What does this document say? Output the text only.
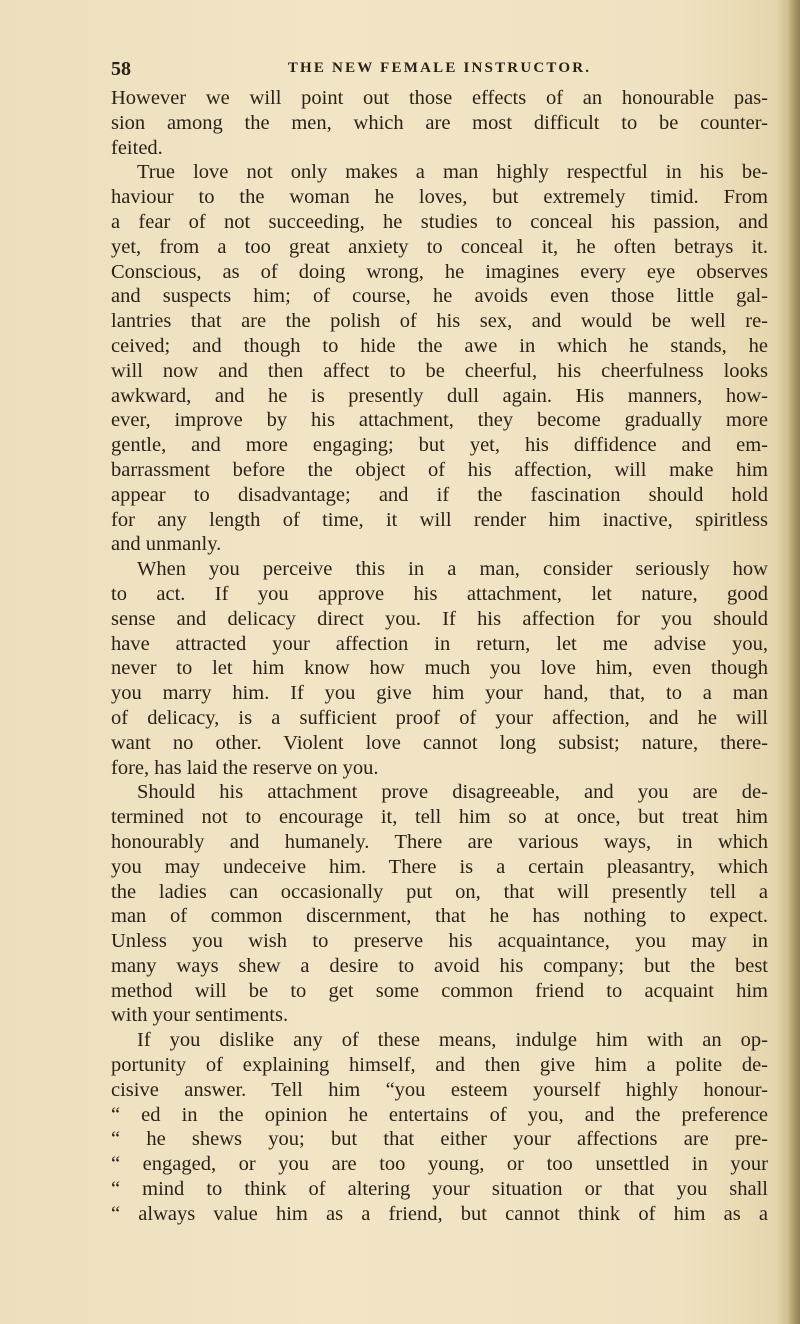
58	THE NEW FEMALE INSTRUCTOR.
However we will point out those effects of an honourable pas-
sion among the men, which are most difficult to be counter-
feited.
True love not only makes a man highly respectful in his be-
haviour to the woman he loves, but extremely timid. From
a fear of not succeeding, he studies to conceal his passion, and
yet, from a too great anxiety to conceal it, he often betrays it.
Conscious, as of doing wrong, he imagines every eye observes
and suspects him; of course, he avoids even those little gal-
lantries that are the polish of his sex, and would be well re-
ceived; and though to hide the awe in which he stands, he
will now and then affect to be cheerful, his cheerfulness looks
awkward, and he is presently dull again. His manners, how-
ever, improve by his attachment, they become gradually more
gentle, and more engaging; but yet, his diffidence and em-
barrassment before the object of his affection, will make him
appear to disadvantage; and if the fascination should hold
for any length of time, it will render him inactive, spiritless
and unmanly.
When you perceive this in a man, consider seriously how
to act. If you approve his attachment, let nature, good
sense and delicacy direct you. If his affection for you should
have attracted your affection in return, let me advise you,
never to let him know how much you love him, even though
you marry him. If you give him your hand, that, to a man
of delicacy, is a sufficient proof of your affection, and he will
want no other. Violent love cannot long subsist; nature, there-
fore, has laid the reserve on you.
Should his attachment prove disagreeable, and you are de-
termined not to encourage it, tell him so at once, but treat him
honourably and humanely. There are various ways, in which
you may undeceive him. There is a certain pleasantry, which
the ladies can occasionally put on, that will presently tell a
man of common discernment, that he has nothing to expect.
Unless you wish to preserve his acquaintance, you may in
many ways shew a desire to avoid his company; but the best
method will be to get some common friend to acquaint him
with your sentiments.
If you dislike any of these means, indulge him with an op-
portunity of explaining himself, and then give him a polite de-
cisive answer. Tell him “you esteem yourself highly honour-
“ ed in the opinion he entertains of you, and the preference
“ he shews you; but that either your affections are pre-
“ engaged, or you are too young, or too unsettled in your
“ mind to think of altering your situation or that you shall
“ always value him as a friend, but cannot think of him as a
